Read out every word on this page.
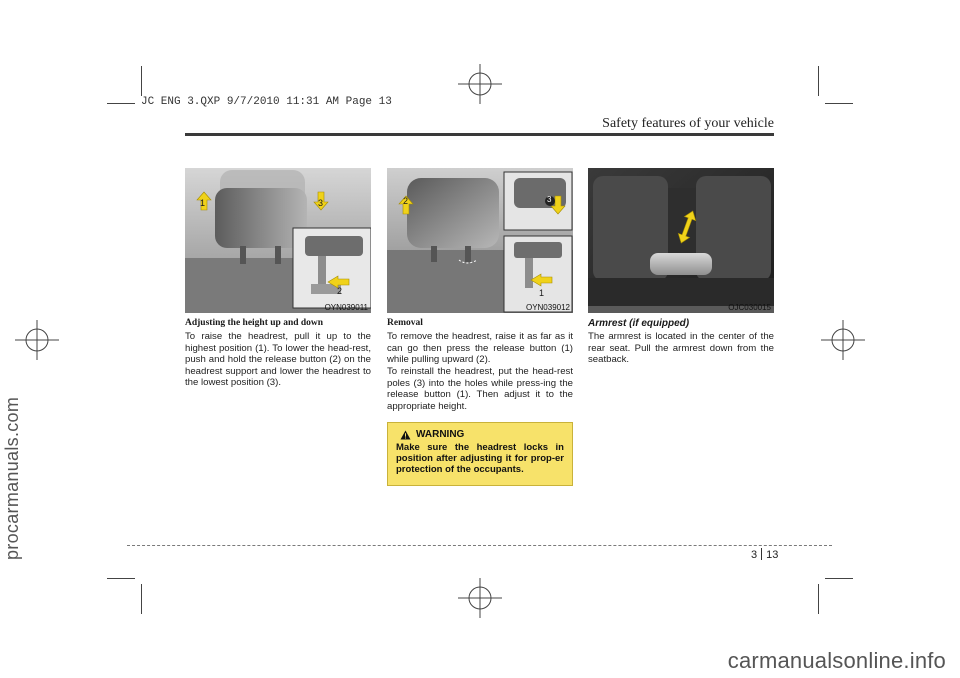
JC ENG 3.QXP 9/7/2010 11:31 AM Page 13
procarmanuals.com
carmanualsonline.info
Safety features of your vehicle
1	3
2
OYN039011
2	3
1
OYN039012	OJC030015
Adjusting the height up and down
To raise the headrest, pull it up to the highest position (1). To lower the head-rest, push and hold the release button (2) on the headrest support and lower the headrest to the lowest position (3).
Removal
To remove the headrest, raise it as far as it can go then press the release button (1) while pulling upward (2).
To reinstall the headrest, put the head-rest poles (3) into the holes while press-ing the release button (1). Then adjust it to the appropriate height.
WARNING
Make sure the headrest locks in position after adjusting it for prop-er protection of the occupants.
Armrest (if equipped)
The armrest is located in the center of the rear seat. Pull the armrest down from the seatback.
3 13
